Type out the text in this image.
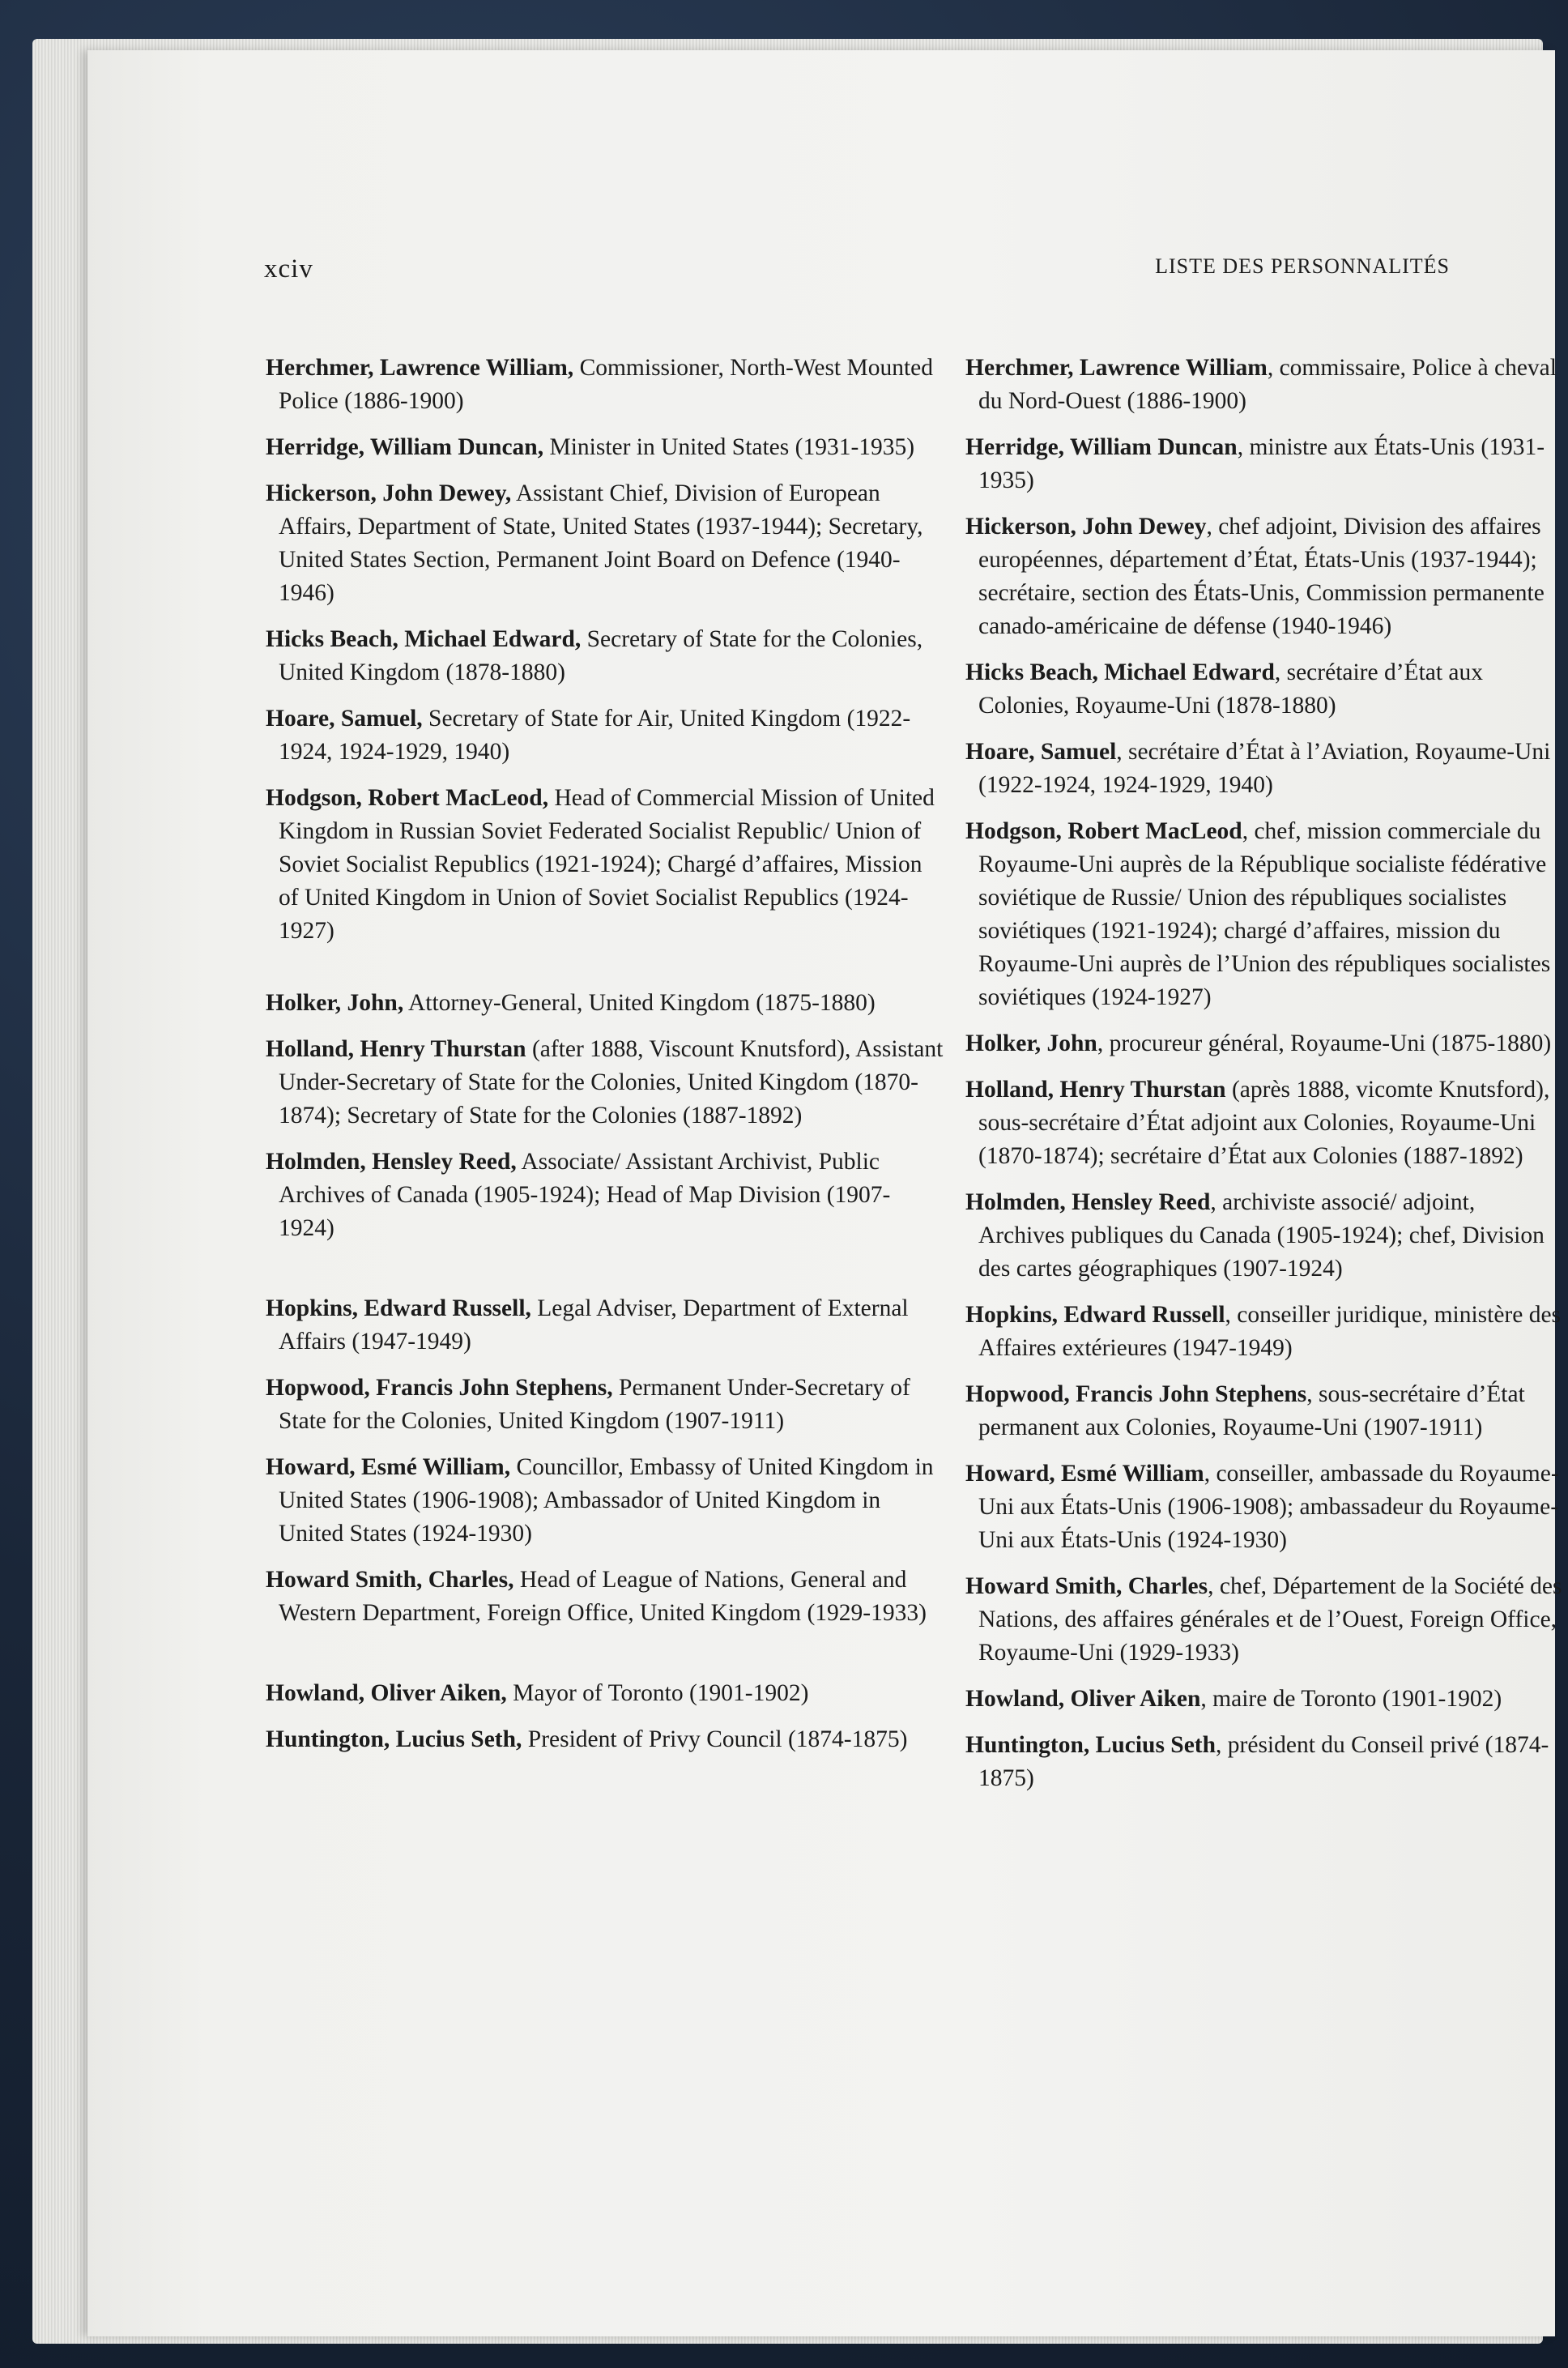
xciv	LISTE DES PERSONNALITÉS
Herchmer, Lawrence William, Commissioner, North-West Mounted Police (1886-1900)
Herridge, William Duncan, Minister in United States (1931-1935)
Hickerson, John Dewey, Assistant Chief, Division of European Affairs, Department of State, United States (1937-1944); Secretary, United States Section, Permanent Joint Board on Defence (1940-1946)
Hicks Beach, Michael Edward, Secretary of State for the Colonies, United Kingdom (1878-1880)
Hoare, Samuel, Secretary of State for Air, United Kingdom (1922-1924, 1924-1929, 1940)
Hodgson, Robert MacLeod, Head of Commercial Mission of United Kingdom in Russian Soviet Federated Socialist Republic/ Union of Soviet Socialist Republics (1921-1924); Chargé d’affaires, Mission of United Kingdom in Union of Soviet Socialist Republics (1924-1927)
Holker, John, Attorney-General, United Kingdom (1875-1880)
Holland, Henry Thurstan (after 1888, Viscount Knutsford), Assistant Under-Secretary of State for the Colonies, United Kingdom (1870-1874); Secretary of State for the Colonies (1887-1892)
Holmden, Hensley Reed, Associate/ Assistant Archivist, Public Archives of Canada (1905-1924); Head of Map Division (1907-1924)
Hopkins, Edward Russell, Legal Adviser, Department of External Affairs (1947-1949)
Hopwood, Francis John Stephens, Permanent Under-Secretary of State for the Colonies, United Kingdom (1907-1911)
Howard, Esmé William, Councillor, Embassy of United Kingdom in United States (1906-1908); Ambassador of United Kingdom in United States (1924-1930)
Howard Smith, Charles, Head of League of Nations, General and Western Department, Foreign Office, United Kingdom (1929-1933)
Howland, Oliver Aiken, Mayor of Toronto (1901-1902)
Huntington, Lucius Seth, President of Privy Council (1874-1875)
Herchmer, Lawrence William, commissaire, Police à cheval du Nord-Ouest (1886-1900)
Herridge, William Duncan, ministre aux États-Unis (1931-1935)
Hickerson, John Dewey, chef adjoint, Division des affaires européennes, département d’État, États-Unis (1937-1944); secrétaire, section des États-Unis, Commission permanente canado-américaine de défense (1940-1946)
Hicks Beach, Michael Edward, secrétaire d’État aux Colonies, Royaume-Uni (1878-1880)
Hoare, Samuel, secrétaire d’État à l’Aviation, Royaume-Uni (1922-1924, 1924-1929, 1940)
Hodgson, Robert MacLeod, chef, mission commerciale du Royaume-Uni auprès de la République socialiste fédérative soviétique de Russie/ Union des républiques socialistes soviétiques (1921-1924); chargé d’affaires, mission du Royaume-Uni auprès de l’Union des républiques socialistes soviétiques (1924-1927)
Holker, John, procureur général, Royaume-Uni (1875-1880)
Holland, Henry Thurstan (après 1888, vicomte Knutsford), sous-secrétaire d’État adjoint aux Colonies, Royaume-Uni (1870-1874); secrétaire d’État aux Colonies (1887-1892)
Holmden, Hensley Reed, archiviste associé/ adjoint, Archives publiques du Canada (1905-1924); chef, Division des cartes géographiques (1907-1924)
Hopkins, Edward Russell, conseiller juridique, ministère des Affaires extérieures (1947-1949)
Hopwood, Francis John Stephens, sous-secrétaire d’État permanent aux Colonies, Royaume-Uni (1907-1911)
Howard, Esmé William, conseiller, ambassade du Royaume-Uni aux États-Unis (1906-1908); ambassadeur du Royaume-Uni aux États-Unis (1924-1930)
Howard Smith, Charles, chef, Département de la Société des Nations, des affaires générales et de l’Ouest, Foreign Office, Royaume-Uni (1929-1933)
Howland, Oliver Aiken, maire de Toronto (1901-1902)
Huntington, Lucius Seth, président du Conseil privé (1874-1875)
